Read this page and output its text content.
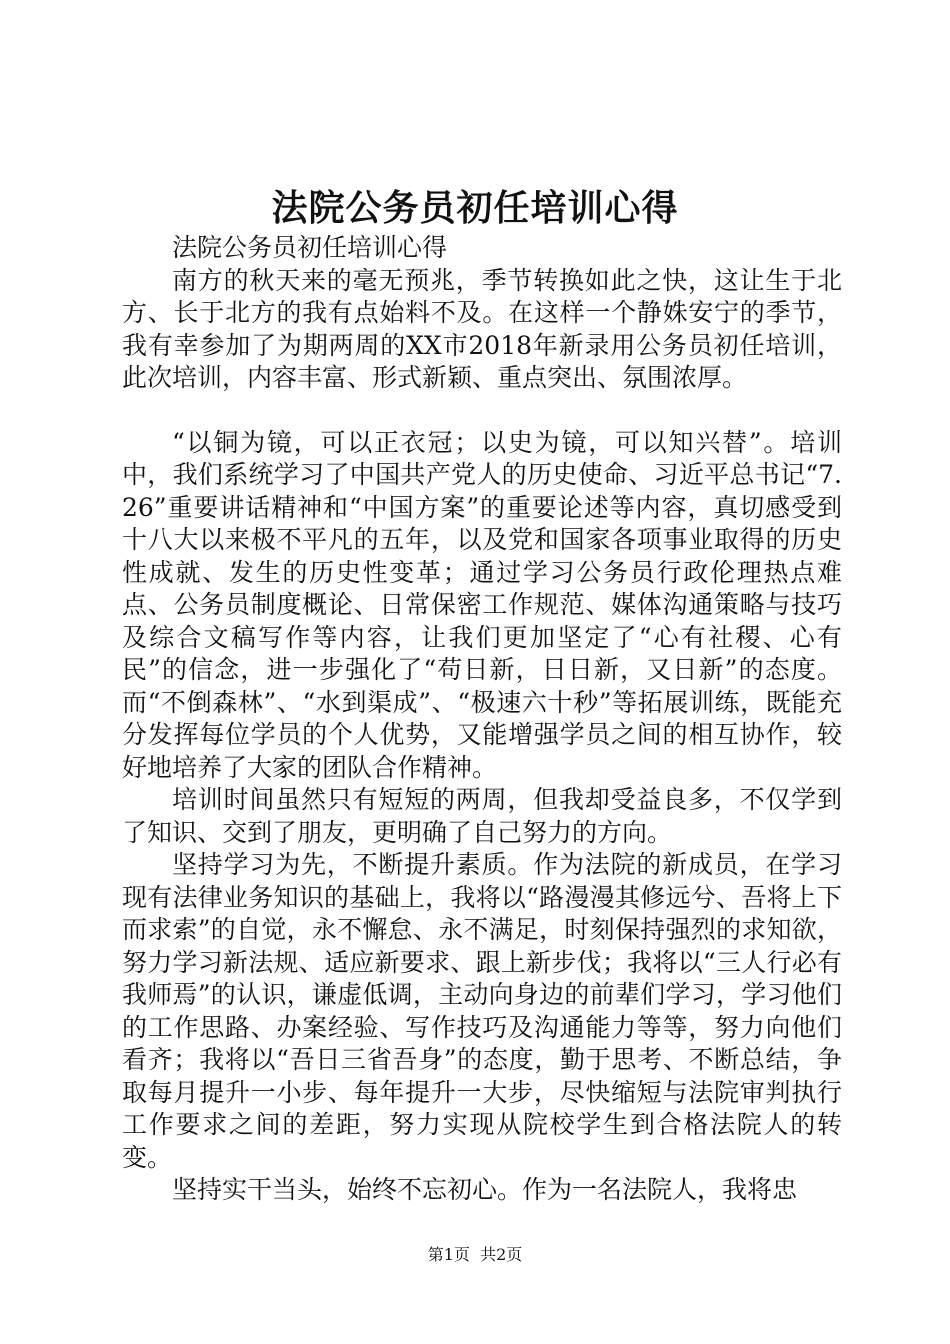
法院公务员初任培训心得

法院公务员初任培训心得

南方的秋天来的毫无预兆，季节转换如此之快，这让生于北方、长于北方的我有点始料不及。在这样一个静姝安宁的季节，我有幸参加了为期两周的XX市2018年新录用公务员初任培训，此次培训，内容丰富、形式新颖、重点突出、氛围浓厚。

“以铜为镜，可以正衣冠；以史为镜，可以知兴替”。培训中，我们系统学习了中国共产党人的历史使命、习近平总书记“7.26”重要讲话精神和“中国方案”的重要论述等内容，真切感受到十八大以来极不平凡的五年，以及党和国家各项事业取得的历史性成就、发生的历史性变革；通过学习公务员行政伦理热点难点、公务员制度概论、日常保密工作规范、媒体沟通策略与技巧及综合文稿写作等内容，让我们更加坚定了“心有社稷、心有民”的信念，进一步强化了“苟日新，日日新，又日新”的态度。而“不倒森林”、“水到渠成”、“极速六十秒”等拓展训练，既能充分发挥每位学员的个人优势，又能增强学员之间的相互协作，较好地培养了大家的团队合作精神。

培训时间虽然只有短短的两周，但我却受益良多，不仅学到了知识、交到了朋友，更明确了自己努力的方向。

坚持学习为先，不断提升素质。作为法院的新成员，在学习现有法律业务知识的基础上，我将以“路漫漫其修远兮、吾将上下而求索”的自觉，永不懈怠、永不满足，时刻保持强烈的求知欲，努力学习新法规、适应新要求、跟上新步伐；我将以“三人行必有我师焉”的认识，谦虚低调，主动向身边的前辈们学习，学习他们的工作思路、办案经验、写作技巧及沟通能力等等，努力向他们看齐；我将以“吾日三省吾身”的态度，勤于思考、不断总结，争取每月提升一小步、每年提升一大步，尽快缩短与法院审判执行工作要求之间的差距，努力实现从院校学生到合格法院人的转变。

坚持实干当头，始终不忘初心。作为一名法院人，我将忠

第1页 共2页
